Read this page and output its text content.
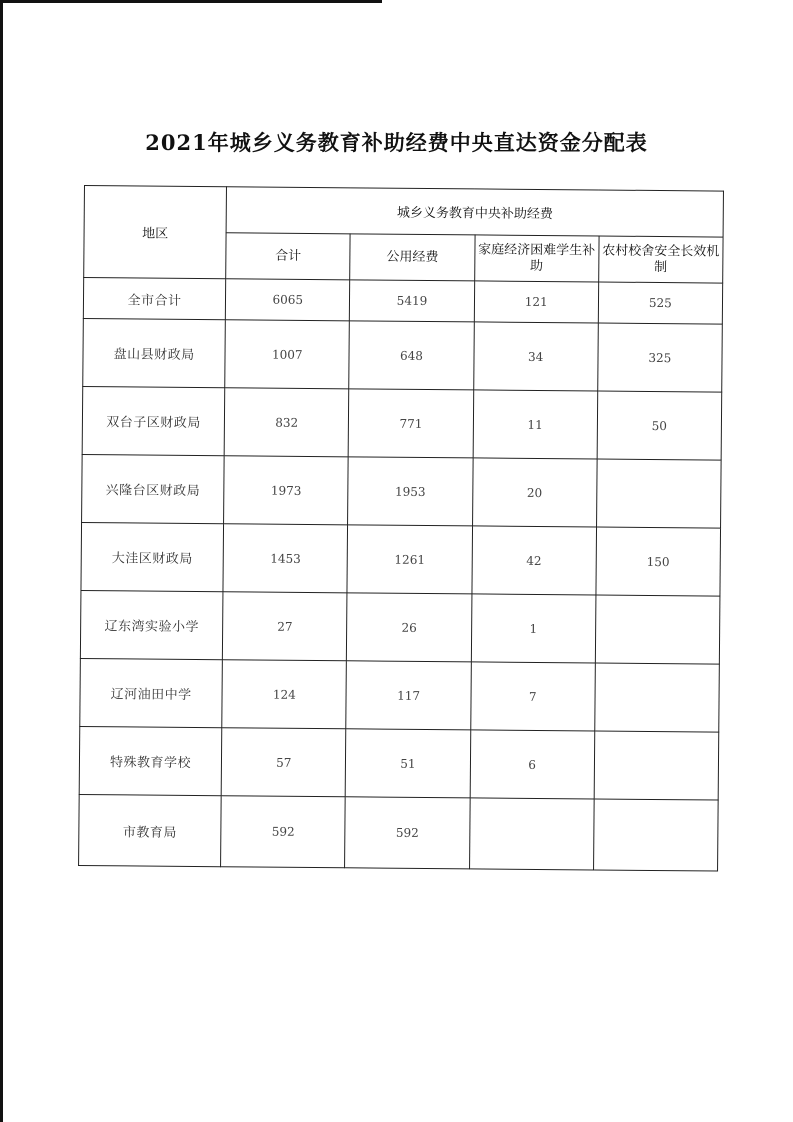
2021年城乡义务教育补助经费中央直达资金分配表
地区	城乡义务教育中央补助经费			
	合计	公用经费	家庭经济困难学生补助	农村校舍安全长效机制
全市合计	6065	5419	121	525
盘山县财政局	1007	648	34	325
双台子区财政局	832	771	11	50
兴隆台区财政局	1973	1953	20	
大洼区财政局	1453	1261	42	150
辽东湾实验小学	27	26	1	
辽河油田中学	124	117	7	
特殊教育学校	57	51	6	
市教育局	592	592		
